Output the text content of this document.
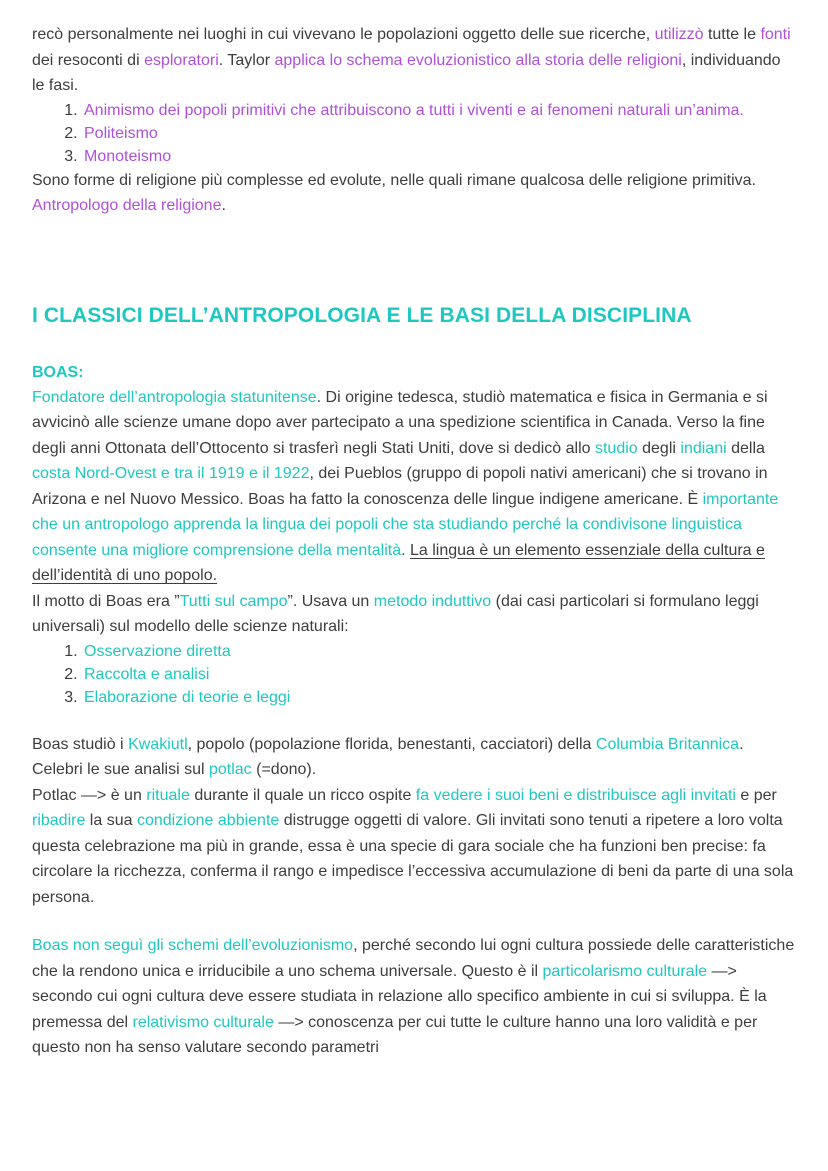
recò personalmente nei luoghi in cui vivevano le popolazioni oggetto delle sue ricerche, utilizzò tutte le fonti dei resoconti di esploratori. Taylor applica lo schema evoluzionistico alla storia delle religioni, individuando le fasi.

1. Animismo dei popoli primitivi che attribuiscono a tutti i viventi e ai fenomeni naturali un’anima.
2. Politeismo
3. Monoteismo

Sono forme di religione più complesse ed evolute, nelle quali rimane qualcosa delle religione primitiva. Antropologo della religione.

I CLASSICI DELL’ANTROPOLOGIA E LE BASI DELLA DISCIPLINA
BOAS:

Fondatore dell’antropologia statunitense. Di origine tedesca, studiò matematica e fisica in Germania e si avvicinò alle scienze umane dopo aver partecipato a una spedizione scientifica in Canada. Verso la fine degli anni Ottonata dell’Ottocento si trasferì negli Stati Uniti, dove si dedicò allo studio degli indiani della costa Nord-Ovest e tra il 1919 e il 1922, dei Pueblos (gruppo di popoli nativi americani) che si trovano in Arizona e nel Nuovo Messico. Boas ha fatto la conoscenza delle lingue indigene americane. È importante che un antropologo apprenda la lingua dei popoli che sta studiando perché la condivisone linguistica consente una migliore comprensione della mentalità. La lingua è un elemento essenziale della cultura e dell’identità di uno popolo.

Il motto di Boas era ”Tutti sul campo”. Usava un metodo induttivo (dai casi particolari si formulano leggi universali) sul modello delle scienze naturali:

1. Osservazione diretta
2. Raccolta e analisi
3. Elaborazione di teorie e leggi

Boas studiò i Kwakiutl, popolo (popolazione florida, benestanti, cacciatori) della Columbia Britannica. Celebri le sue analisi sul potlac (=dono).

Potlac —> è un rituale durante il quale un ricco ospite fa vedere i suoi beni e distribuisce agli invitati e per ribadire la sua condizione abbiente distrugge oggetti di valore. Gli invitati sono tenuti a ripetere a loro volta questa celebrazione ma più in grande, essa è una specie di gara sociale che ha funzioni ben precise: fa circolare la ricchezza, conferma il rango e impedisce l’eccessiva accumulazione di beni da parte di una sola persona.

Boas non seguì gli schemi dell’evoluzionismo, perché secondo lui ogni cultura possiede delle caratteristiche che la rendono unica e irriducibile a uno schema universale. Questo è il particolarismo culturale —> secondo cui ogni cultura deve essere studiata in relazione allo specifico ambiente in cui si sviluppa. È la premessa del relativismo culturale —> conoscenza per cui tutte le culture hanno una loro validità e per questo non ha senso valutare secondo parametri
